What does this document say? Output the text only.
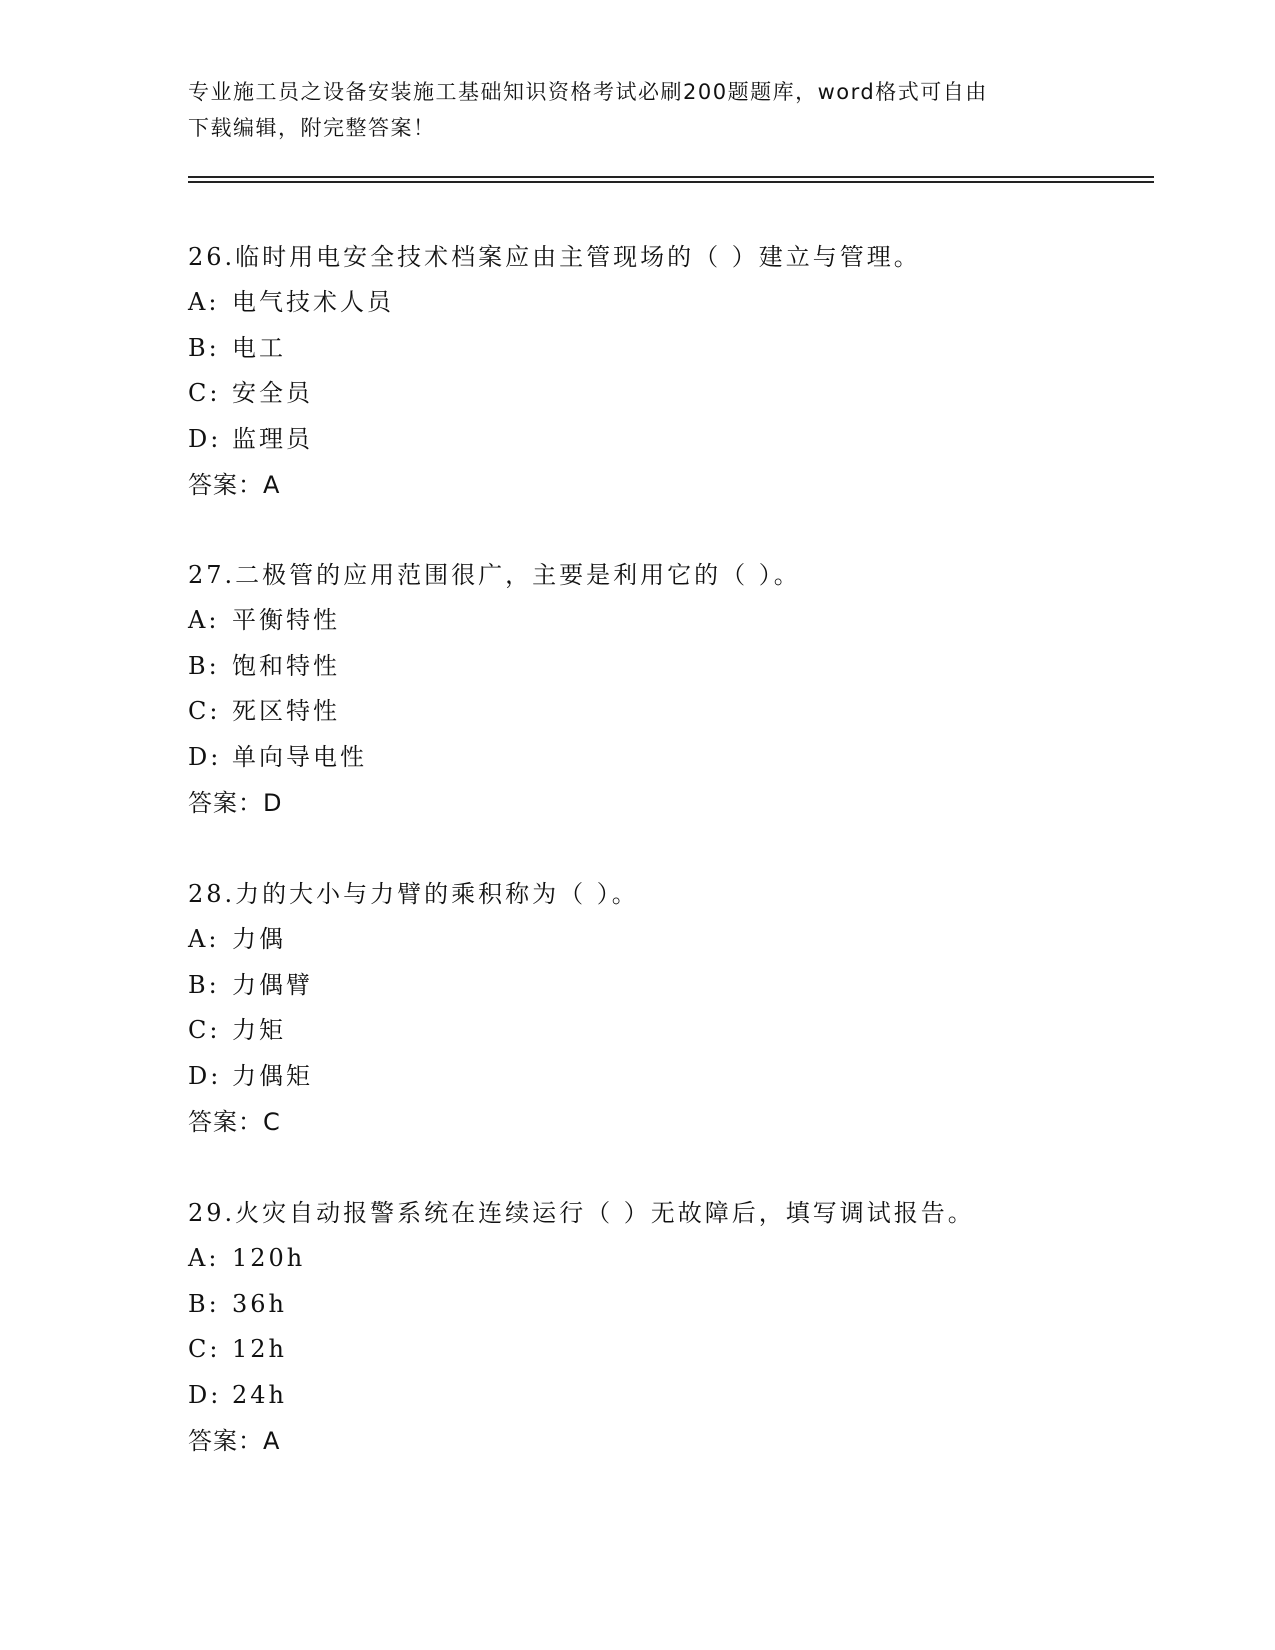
专业施工员之设备安装施工基础知识资格考试必刷200题题库，word格式可自由
下载编辑，附完整答案！
26.临时用电安全技术档案应由主管现场的（ ）建立与管理。
A: 电气技术人员
B: 电工
C: 安全员
D: 监理员
答案：A
27.二极管的应用范围很广，主要是利用它的（ ）。
A: 平衡特性
B: 饱和特性
C: 死区特性
D: 单向导电性
答案：D
28.力的大小与力臂的乘积称为（ ）。
A: 力偶
B: 力偶臂
C: 力矩
D: 力偶矩
答案：C
29.火灾自动报警系统在连续运行（ ）无故障后，填写调试报告。
A: 120h
B: 36h
C: 12h
D: 24h
答案：A
